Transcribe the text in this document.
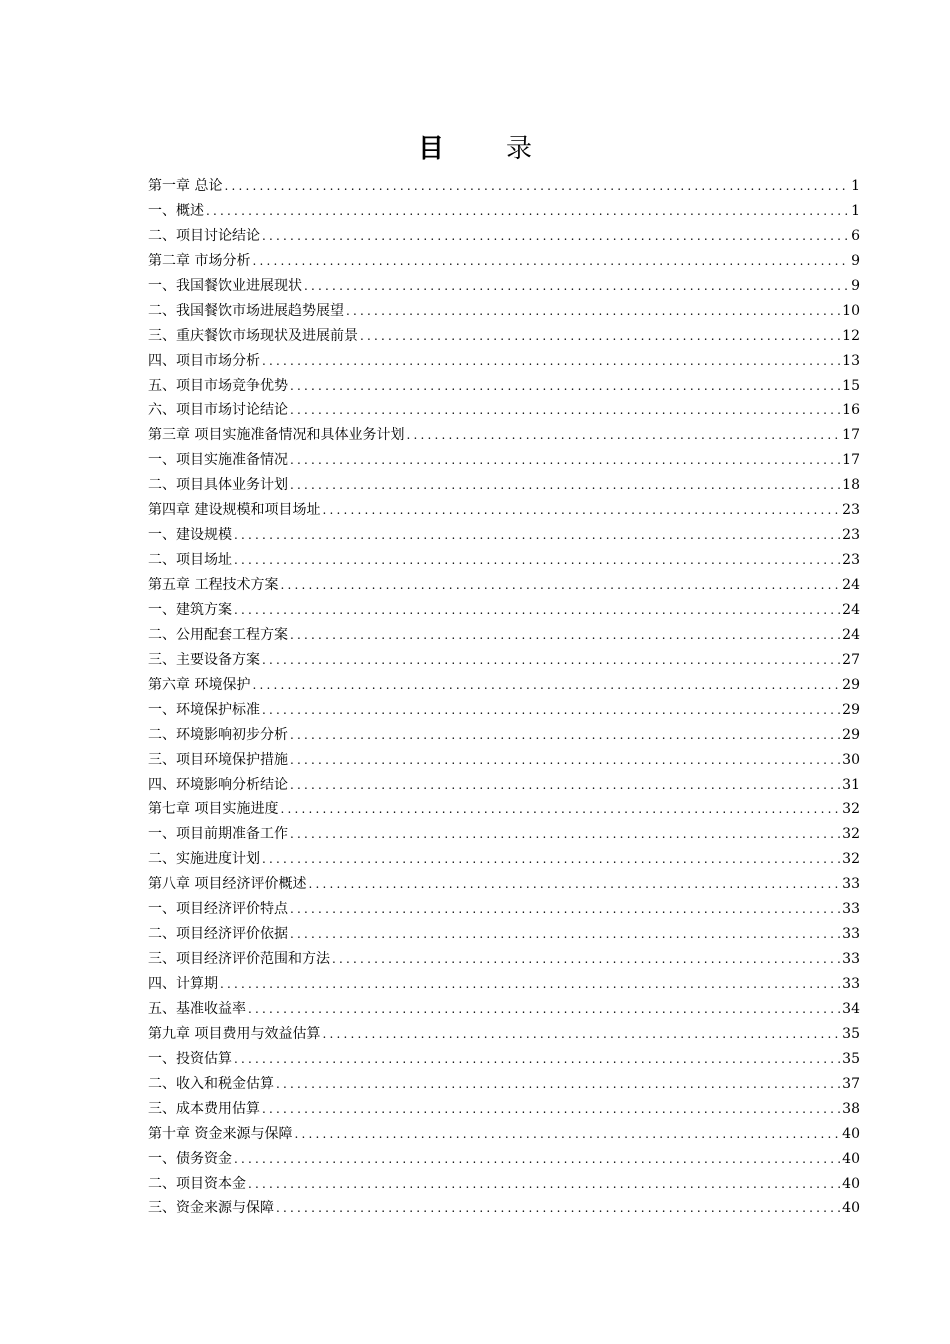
目 录
第一章 总论 .....	1
一、概述 .....	1
二、项目讨论结论 .....	6
第二章 市场分析 .....	9
一、我国餐饮业进展现状 .....	9
二、我国餐饮市场进展趋势展望 .....	10
三、重庆餐饮市场现状及进展前景 .....	12
四、项目市场分析 .....	13
五、项目市场竞争优势 .....	15
六、项目市场讨论结论 .....	16
第三章 项目实施准备情况和具体业务计划 .....	17
一、项目实施准备情况 .....	17
二、项目具体业务计划 .....	18
第四章 建设规模和项目场址 .....	23
一、建设规模 .....	23
二、项目场址 .....	23
第五章 工程技术方案 .....	24
一、建筑方案 .....	24
二、公用配套工程方案 .....	24
三、主要设备方案 .....	27
第六章 环境保护 .....	29
一、环境保护标准 .....	29
二、环境影响初步分析 .....	29
三、项目环境保护措施 .....	30
四、环境影响分析结论 .....	31
第七章 项目实施进度 .....	32
一、项目前期准备工作 .....	32
二、实施进度计划 .....	32
第八章 项目经济评价概述 .....	33
一、项目经济评价特点 .....	33
二、项目经济评价依据 .....	33
三、项目经济评价范围和方法 .....	33
四、计算期 .....	33
五、基准收益率 .....	34
第九章 项目费用与效益估算 .....	35
一、投资估算 .....	35
二、收入和税金估算 .....	37
三、成本费用估算 .....	38
第十章 资金来源与保障 .....	40
一、债务资金 .....	40
二、项目资本金 .....	40
三、资金来源与保障 .....	40
